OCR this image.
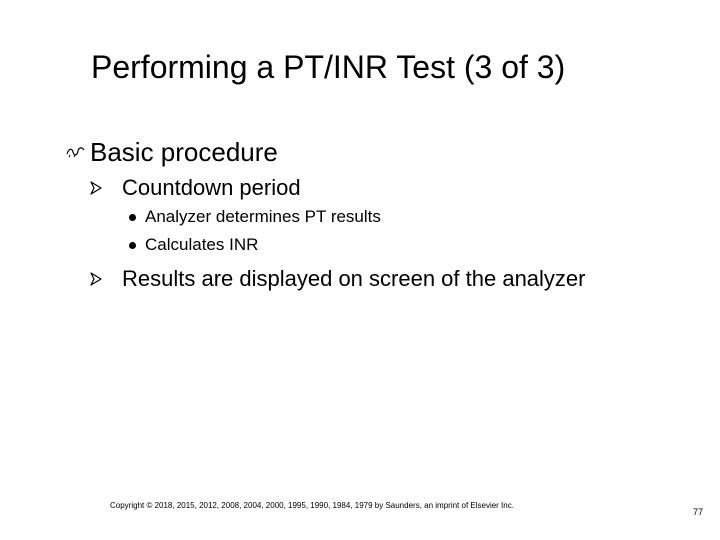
Performing a PT/INR Test (3 of 3)
Basic procedure
Countdown period
Analyzer determines PT results
Calculates INR
Results are displayed on screen of the analyzer
Copyright © 2018, 2015, 2012, 2008, 2004, 2000, 1995, 1990, 1984, 1979 by Saunders, an imprint of Elsevier Inc.
77
